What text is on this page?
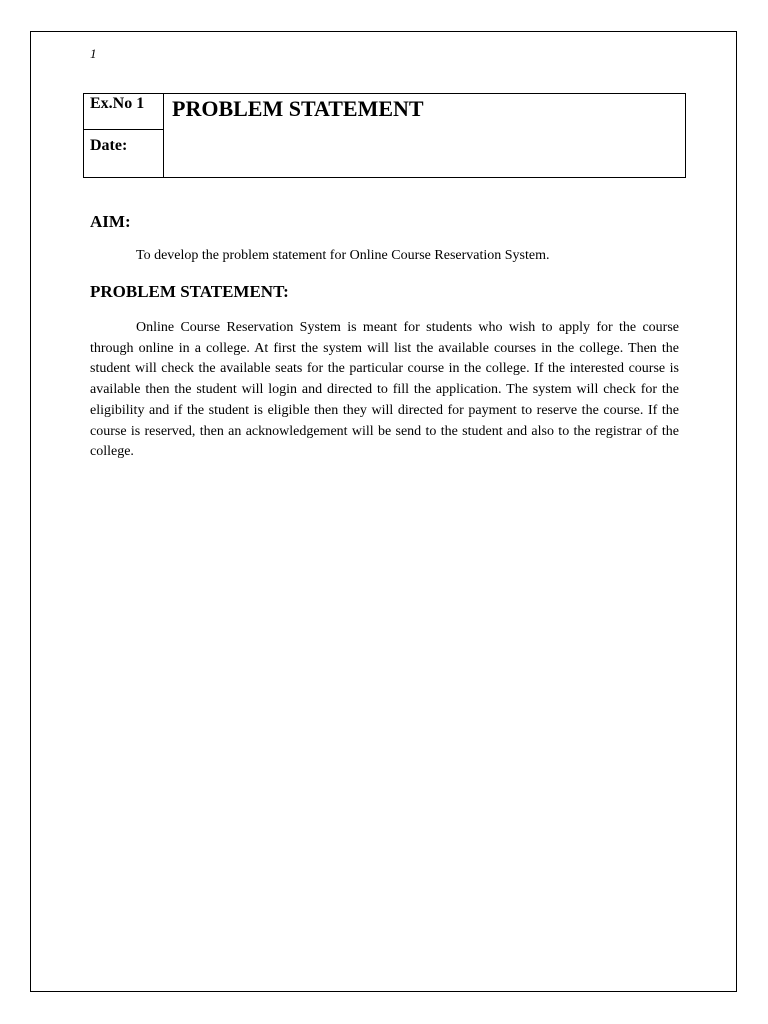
1
Ex.No 1
Date:
PROBLEM STATEMENT
AIM:
To develop the problem statement for Online Course Reservation System.
PROBLEM STATEMENT:

Online Course Reservation System is meant for students who wish to apply for the course through online in a college. At first the system will list the available courses in the college. Then the student will check the available seats for the particular course in the college. If the interested course is available then the student will login and directed to fill the application. The system will check for the eligibility and if the student is eligible then they will directed for payment to reserve the course. If the course is reserved, then an acknowledgement will be send to the student and also to the registrar of the college.
